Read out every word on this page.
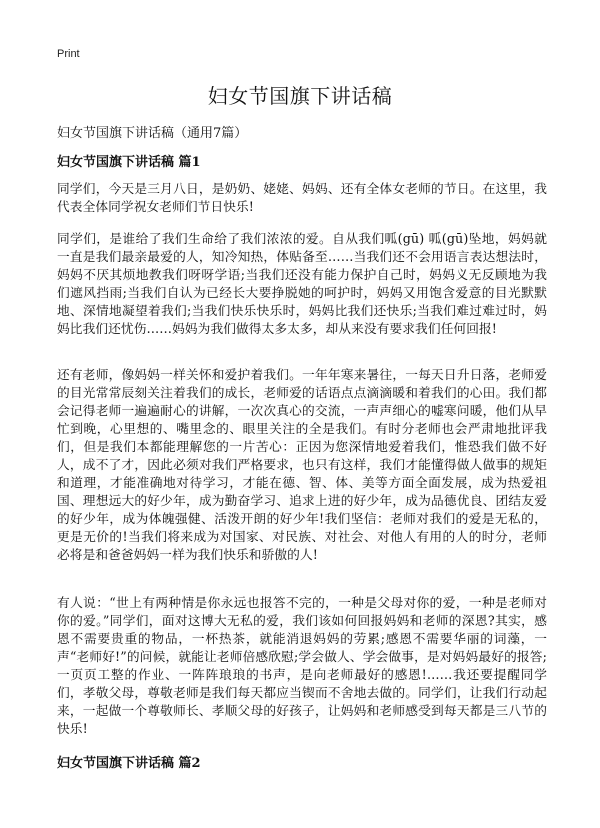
Print
妇女节国旗下讲话稿

妇女节国旗下讲话稿（通用7篇）

妇女节国旗下讲话稿 篇1

同学们，今天是三月八日，是奶奶、姥姥、妈妈、还有全体女老师的节日。在这里，我代表全体同学祝女老师们节日快乐!

同学们，是谁给了我们生命给了我们浓浓的爱。自从我们呱(gū) 呱(gū)坠地，妈妈就一直是我们最亲最爱的人，知冷知热，体贴备至……当我们还不会用语言表达想法时，妈妈不厌其烦地教我们呀呀学语;当我们还没有能力保护自己时，妈妈义无反顾地为我们遮风挡雨;当我们自认为已经长大要挣脱她的呵护时，妈妈又用饱含爱意的目光默默地、深情地凝望着我们;当我们快乐快乐时，妈妈比我们还快乐;当我们难过难过时，妈妈比我们还忧伤……妈妈为我们做得太多太多，却从来没有要求我们任何回报!

还有老师，像妈妈一样关怀和爱护着我们。一年年寒来暑往，一每天日升日落，老师爱的目光常常辰刻关注着我们的成长，老师爱的话语点点滴滴暖和着我们的心田。我们都会记得老师一遍遍耐心的讲解，一次次真心的交流，一声声细心的嘘寒问暖，他们从早忙到晚，心里想的、嘴里念的、眼里关注的全是我们。有时分老师也会严肃地批评我们，但是我们本都能理解您的一片苦心：正因为您深情地爱着我们，惟恐我们做不好人，成不了才，因此必须对我们严格要求，也只有这样，我们才能懂得做人做事的规矩和道理，才能准确地对待学习，才能在德、智、体、美等方面全面发展，成为热爱祖国、理想远大的好少年，成为勤奋学习、追求上进的好少年，成为品德优良、团结友爱的好少年，成为体魄强健、活泼开朗的好少年!我们坚信：老师对我们的爱是无私的，更是无价的!当我们将来成为对国家、对民族、对社会、对他人有用的人的时分，老师必将是和爸爸妈妈一样为我们快乐和骄傲的人!

有人说：“世上有两种情是你永远也报答不完的，一种是父母对你的爱，一种是老师对你的爱。”同学们，面对这博大无私的爱，我们该如何回报妈妈和老师的深恩?其实，感恩不需要贵重的物品，一杯热茶，就能消退妈妈的劳累;感恩不需要华丽的词藻，一声“老师好!”的问候，就能让老师倍感欣慰;学会做人、学会做事，是对妈妈最好的报答;一页页工整的作业、一阵阵琅琅的书声，是向老师最好的感恩!……我还要提醒同学们，孝敬父母，尊敬老师是我们每天都应当锲而不舍地去做的。同学们，让我们行动起来，一起做一个尊敬师长、孝顺父母的好孩子，让妈妈和老师感受到每天都是三八节的快乐!

妇女节国旗下讲话稿 篇2
